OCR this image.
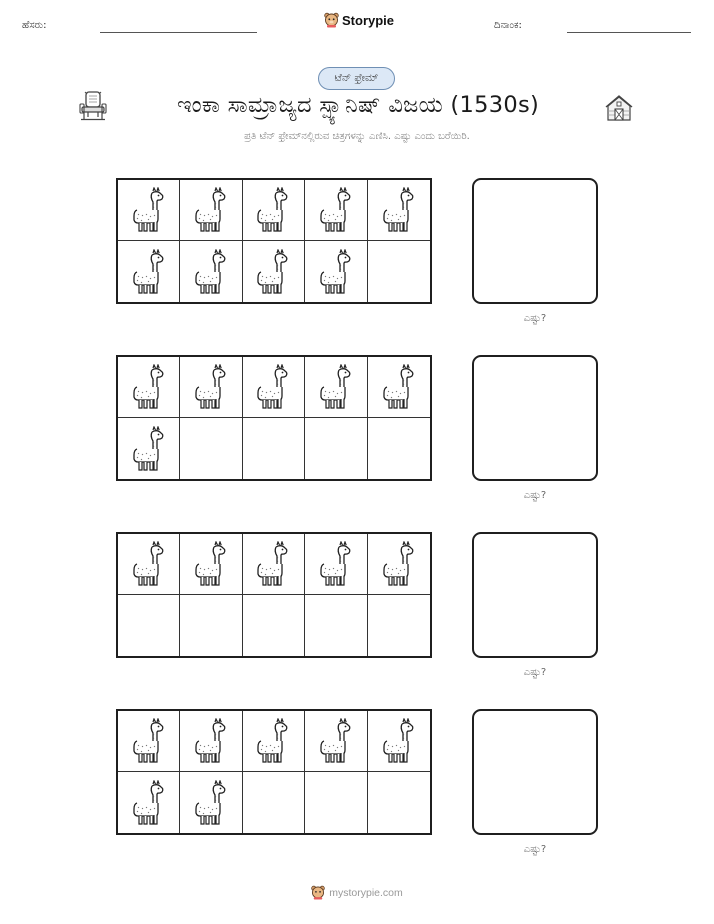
ಹೆಸರು:	Storypie	ದಿನಾಂಕ:
ಟೆನ್ ಫ್ರೇಮ್
ಇಂಕಾ ಸಾಮ್ರಾಜ್ಯದ ಸ್ಪ್ಯಾನಿಷ್ ವಿಜಯ (1530s)
ಪ್ರತಿ ಟೆನ್ ಫ್ರೇಮ್‌ನಲ್ಲಿರುವ ಚಿತ್ರಗಳನ್ನು ಎಣಿಸಿ. ಎಷ್ಟು ಎಂದು ಬರೆಯಿರಿ.
ಎಷ್ಟು?
ಎಷ್ಟು?
ಎಷ್ಟು?
ಎಷ್ಟು?
mystorypie.com
